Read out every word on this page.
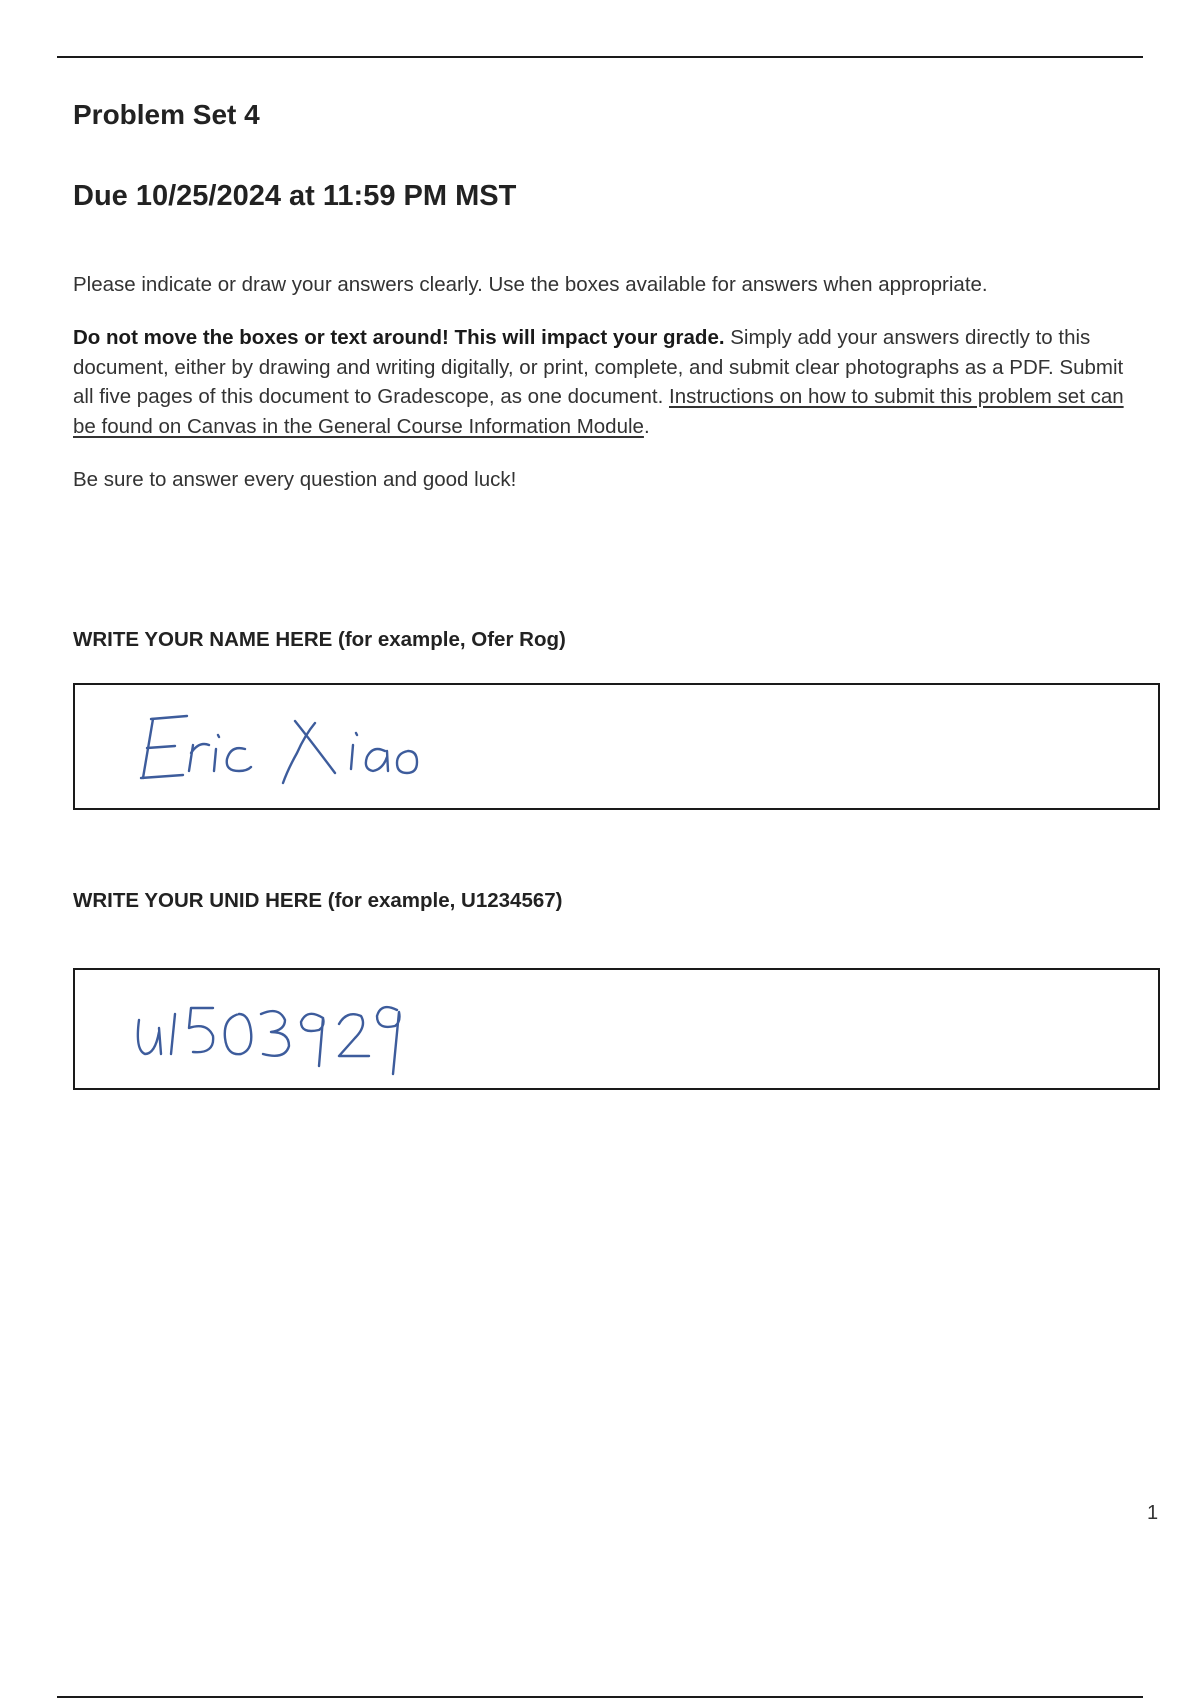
Problem Set 4
Due 10/25/2024 at 11:59 PM MST

Please indicate or draw your answers clearly. Use the boxes available for answers when appropriate.

Do not move the boxes or text around! This will impact your grade. Simply add your answers directly to this document, either by drawing and writing digitally, or print, complete, and submit clear photographs as a PDF. Submit all five pages of this document to Gradescope, as one document. Instructions on how to submit this problem set can be found on Canvas in the General Course Information Module.

Be sure to answer every question and good luck!

WRITE YOUR NAME HERE (for example, Ofer Rog)

WRITE YOUR UNID HERE (for example, U1234567)

1
